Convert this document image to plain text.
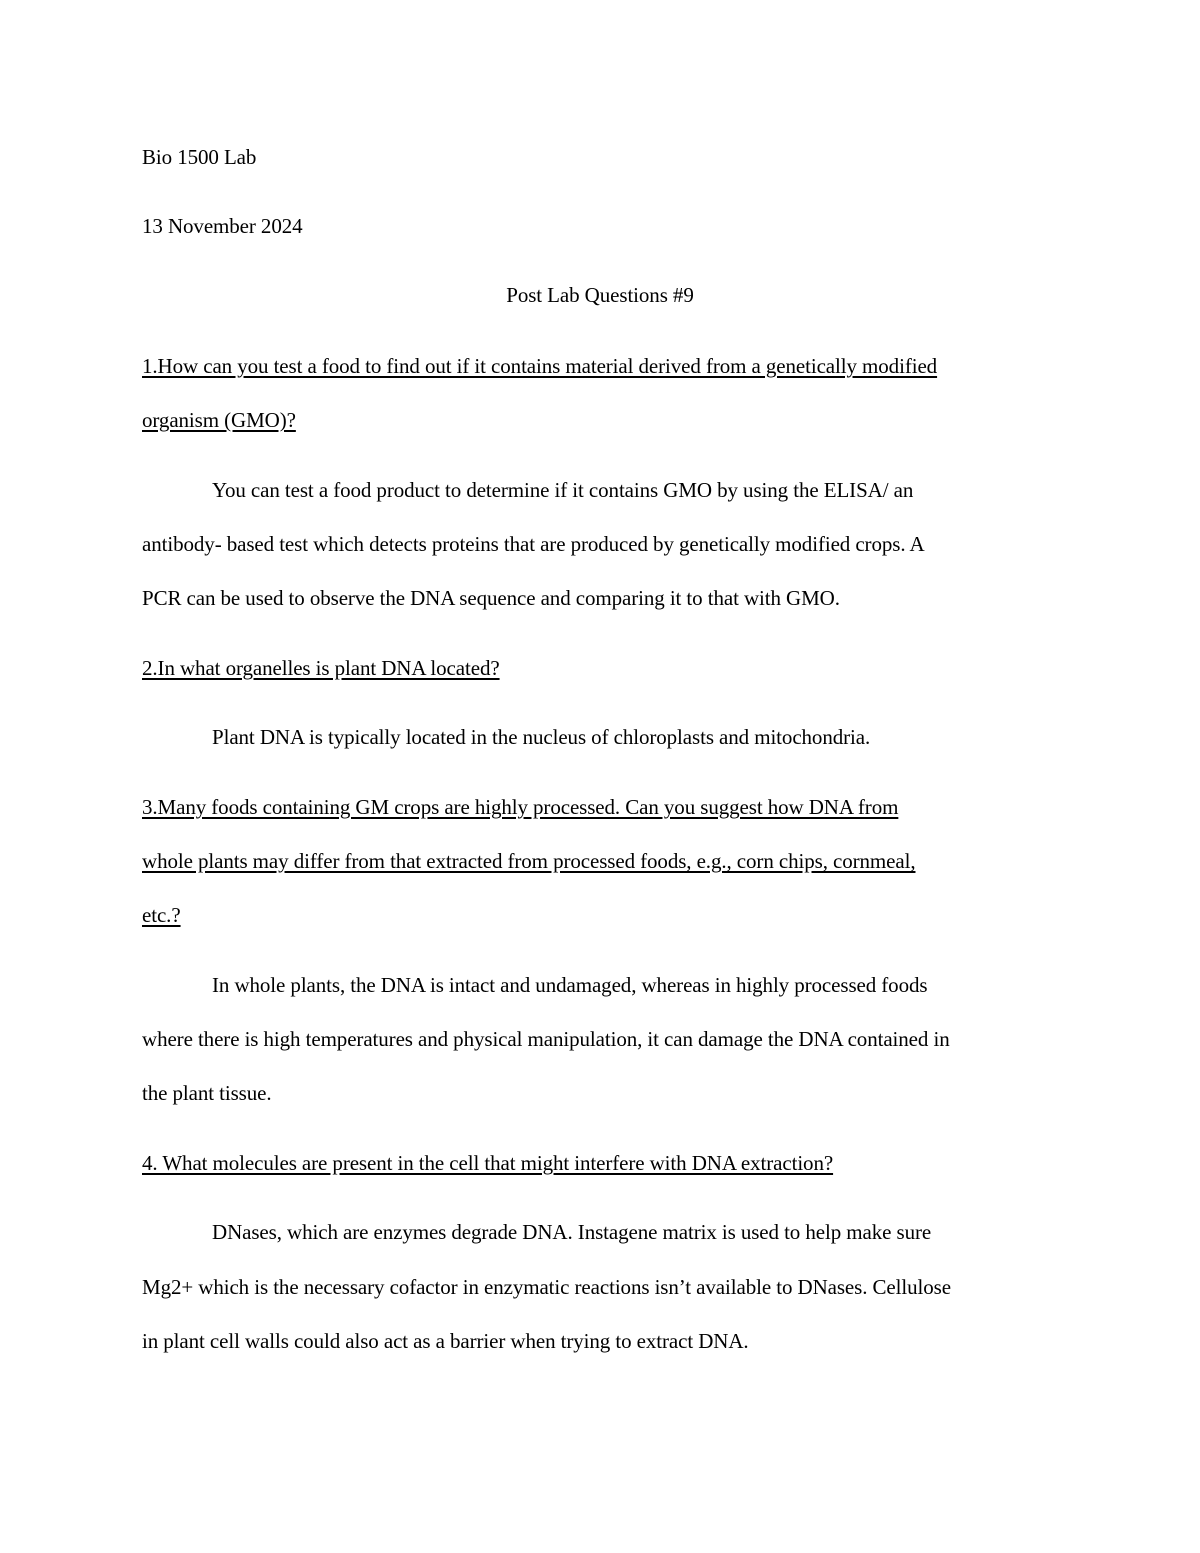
Bio 1500 Lab
13 November 2024
Post Lab Questions #9
1.How can you test a food to find out if it contains material derived from a genetically modified
organism (GMO)?
You can test a food product to determine if it contains GMO by using the ELISA/ an
antibody- based test which detects proteins that are produced by genetically modified crops. A
PCR can be used to observe the DNA sequence and comparing it to that with GMO.
2.In what organelles is plant DNA located?
Plant DNA is typically located in the nucleus of chloroplasts and mitochondria.
3.Many foods containing GM crops are highly processed. Can you suggest how DNA from
whole plants may differ from that extracted from processed foods, e.g., corn chips, cornmeal,
etc.?
In whole plants, the DNA is intact and undamaged, whereas in highly processed foods
where there is high temperatures and physical manipulation, it can damage the DNA contained in
the plant tissue.
4. What molecules are present in the cell that might interfere with DNA extraction?
DNases, which are enzymes degrade DNA. Instagene matrix is used to help make sure
Mg2+ which is the necessary cofactor in enzymatic reactions isn’t available to DNases. Cellulose
in plant cell walls could also act as a barrier when trying to extract DNA.
